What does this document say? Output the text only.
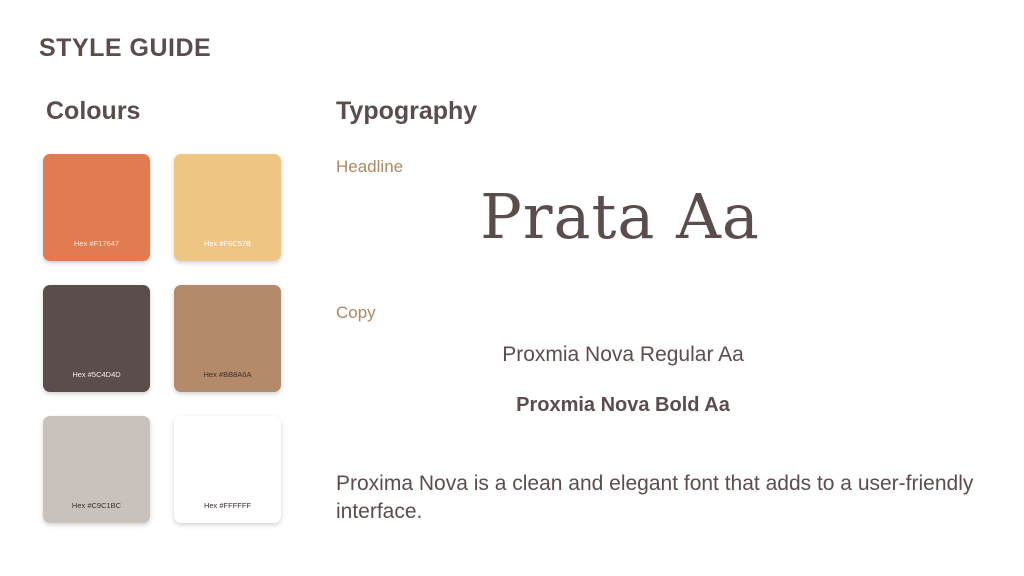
STYLE GUIDE
Colours	Typography
Hex #F17647	Hex #F6C57B
Hex #5C4D4D	Hex #BB8A6A
Hex #C9C1BC	Hex #FFFFFF
Headline
Prata Aa
Copy
Proxmia Nova Regular Aa
Proxmia Nova Bold Aa
Proxima Nova is a clean and elegant font that adds to a user-friendly interface.
